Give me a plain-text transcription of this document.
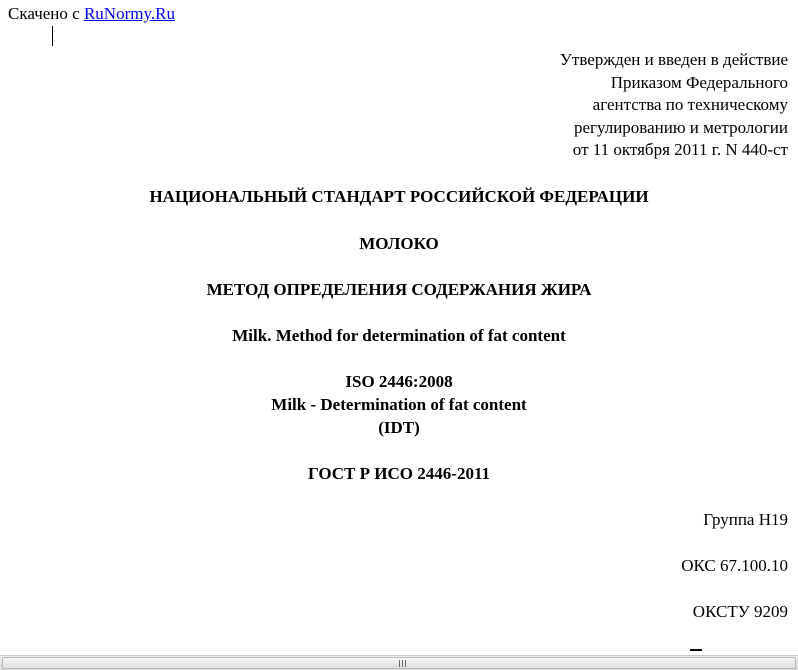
Скачено с RuNormy.Ru
Утвержден и введен в действие
Приказом Федерального
агентства по техническому
регулированию и метрологии
от 11 октября 2011 г. N 440-ст
НАЦИОНАЛЬНЫЙ СТАНДАРТ РОССИЙСКОЙ ФЕДЕРАЦИИ
МОЛОКО
МЕТОД ОПРЕДЕЛЕНИЯ СОДЕРЖАНИЯ ЖИРА
Milk. Method for determination of fat content
ISO 2446:2008
Milk - Determination of fat content
(IDT)
ГОСТ Р ИСО 2446-2011
Группа Н19
ОКС 67.100.10
ОКСТУ 9209
